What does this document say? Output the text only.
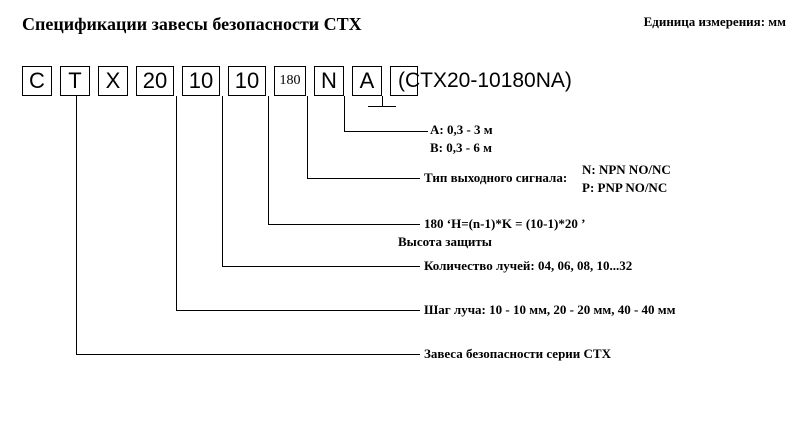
Спецификации завесы безопасности CTX	Единица измерения: мм
C	T	X	20 10 10	180 N	A	(CTX20-10180NA)
A: 0,3 - 3 м
B: 0,3 - 6 м
Тип выходного сигнала:
N: NPN NO/NC
P: PNP NO/NC
180 ʻH=(n-1)*K = (10-1)*20 ʼ
Высота защиты
Количество лучей: 04, 06, 08, 10...32
Шаг луча: 10 - 10 мм, 20 - 20 мм, 40 - 40 мм
Завеса безопасности серии CTX
